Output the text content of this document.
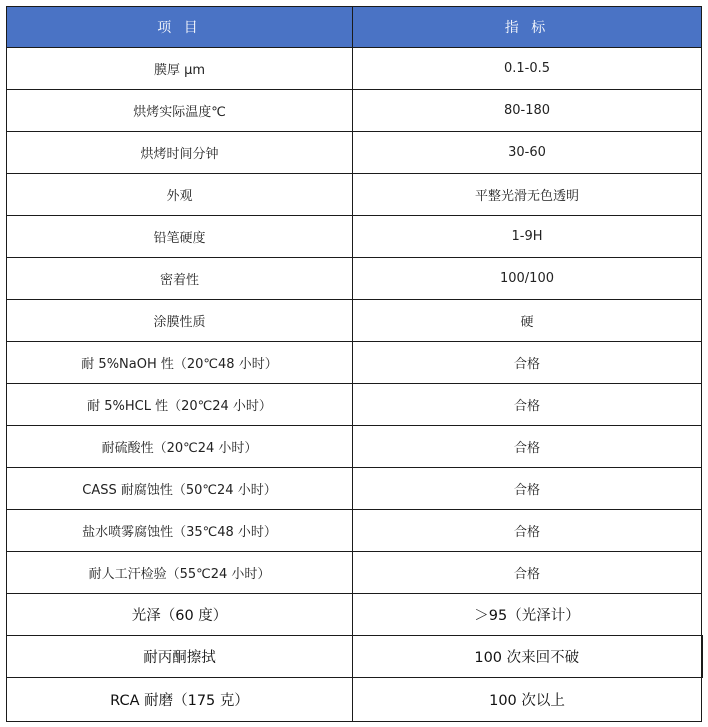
项 目	指 标
膜厚 μm	0.1-0.5
烘烤实际温度℃	80-180
烘烤时间分钟	30-60
外观	平整光滑无色透明
铅笔硬度	1-9H
密着性	100/100
涂膜性质	硬
耐 5%NaOH 性（20℃48 小时）	合格
耐 5%HCL 性（20℃24 小时）	合格
耐硫酸性（20℃24 小时）	合格
CASS 耐腐蚀性（50℃24 小时）	合格
盐水喷雾腐蚀性（35℃48 小时）	合格
耐人工汗检验（55℃24 小时）	合格
光泽（60 度）	＞95（光泽计）
耐丙酮擦拭	100 次来回不破
RCA 耐磨（175 克）	100 次以上
